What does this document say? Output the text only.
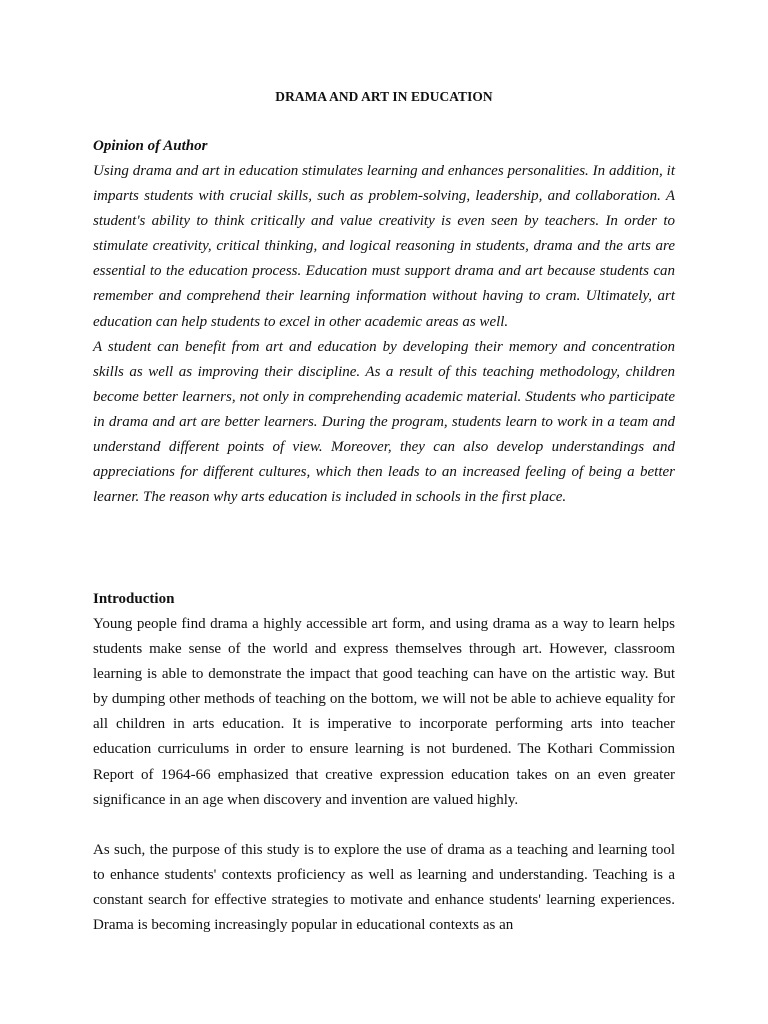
DRAMA AND ART IN EDUCATION
Opinion of Author

Using drama and art in education stimulates learning and enhances personalities. In addition, it imparts students with crucial skills, such as problem-solving, leadership, and collaboration. A student's ability to think critically and value creativity is even seen by teachers. In order to stimulate creativity, critical thinking, and logical reasoning in students, drama and the arts are essential to the education process. Education must support drama and art because students can remember and comprehend their learning information without having to cram. Ultimately, art education can help students to excel in other academic areas as well.

A student can benefit from art and education by developing their memory and concentration skills as well as improving their discipline. As a result of this teaching methodology, children become better learners, not only in comprehending academic material. Students who participate in drama and art are better learners. During the program, students learn to work in a team and understand different points of view. Moreover, they can also develop understandings and appreciations for different cultures, which then leads to an increased feeling of being a better learner. The reason why arts education is included in schools in the first place.

Introduction

Young people find drama a highly accessible art form, and using drama as a way to learn helps students make sense of the world and express themselves through art. However, classroom learning is able to demonstrate the impact that good teaching can have on the artistic way. But by dumping other methods of teaching on the bottom, we will not be able to achieve equality for all children in arts education. It is imperative to incorporate performing arts into teacher education curriculums in order to ensure learning is not burdened. The Kothari Commission Report of 1964-66 emphasized that creative expression education takes on an even greater significance in an age when discovery and invention are valued highly.

As such, the purpose of this study is to explore the use of drama as a teaching and learning tool to enhance students' contexts proficiency as well as learning and understanding. Teaching is a constant search for effective strategies to motivate and enhance students' learning experiences. Drama is becoming increasingly popular in educational contexts as an
